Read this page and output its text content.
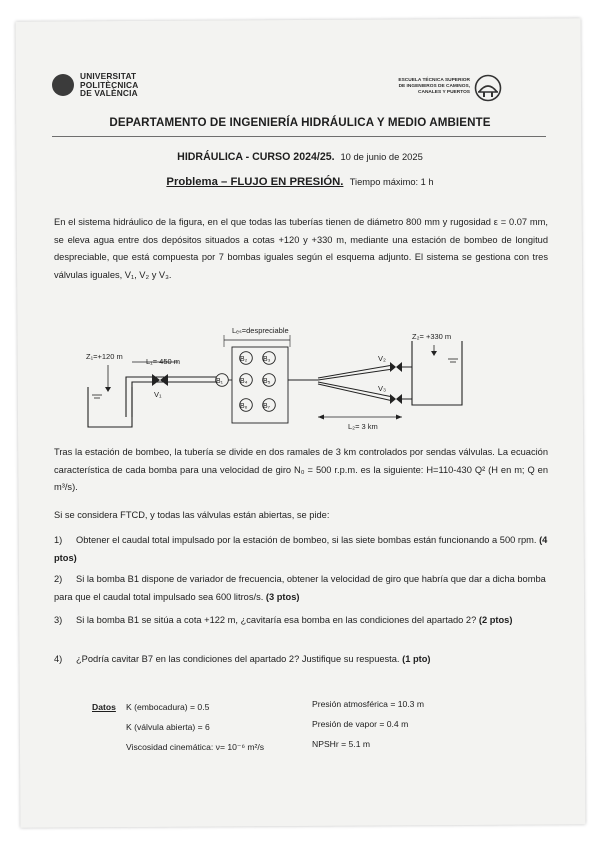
UNIVERSITAT
POLITÈCNICA
DE VALÈNCIA
ESCUELA TÉCNICA SUPERIOR
DE INGENIEROS DE CAMINOS,
CANALES Y PUERTOS
DEPARTAMENTO DE INGENIERÍA HIDRÁULICA Y MEDIO AMBIENTE
HIDRÁULICA - CURSO 2024/25. 10 de junio de 2025
Problema – FLUJO EN PRESIÓN. Tiempo máximo: 1 h

En el sistema hidráulico de la figura, en el que todas las tuberías tienen de diámetro 800 mm y rugosidad ε = 0.07 mm, se eleva agua entre dos depósitos situados a cotas +120 y +330 m, mediante una estación de bombeo de longitud despreciable, que está compuesta por 7 bombas iguales según el esquema adjunto. El sistema se gestiona con tres válvulas iguales, V₁, V₂ y V₃.

Z₁=+120 m
L₁= 450 m
V₁
Lₑₛ=despreciable
B₁
B₂ B₃
B₄ B₅
B₆ B₇
V₂
V₃
L₂= 3 km
Z₂= +330 m

Tras la estación de bombeo, la tubería se divide en dos ramales de 3 km controlados por sendas válvulas. La ecuación característica de cada bomba para una velocidad de giro N₀ = 500 r.p.m. es la siguiente: H=110-430 Q² (H en m; Q en m³/s).

Si se considera FTCD, y todas las válvulas están abiertas, se pide:

1) Obtener el caudal total impulsado por la estación de bombeo, si las siete bombas están funcionando a 500 rpm. (4 ptos)
2) Si la bomba B1 dispone de variador de frecuencia, obtener la velocidad de giro que habría que dar a dicha bomba para que el caudal total impulsado sea 600 litros/s. (3 ptos)
3) Si la bomba B1 se sitúa a cota +122 m, ¿cavitaría esa bomba en las condiciones del apartado 2? (2 ptos)
4) ¿Podría cavitar B7 en las condiciones del apartado 2? Justifique su respuesta. (1 pto)
Datos K (embocadura) = 0.5
K (válvula abierta) = 6
Viscosidad cinemática: ν= 10⁻⁶ m²/s
Presión atmosférica = 10.3 m
Presión de vapor = 0.4 m
NPSHr = 5.1 m
